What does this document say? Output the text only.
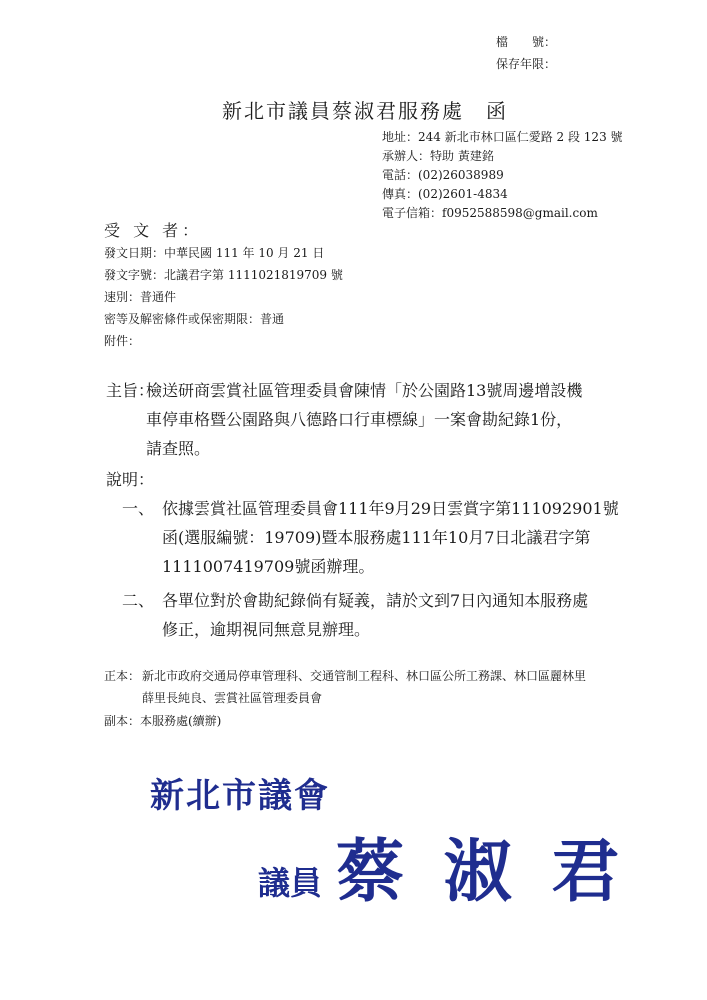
檔　　號：
保存年限：
新北市議員蔡淑君服務處　函
地址：244 新北市林口區仁愛路 2 段 123 號
承辦人：特助 黃建銘
電話：(02)26038989
傳真：(02)2601-4834
電子信箱：f0952588598@gmail.com
受 文 者：
發文日期：中華民國 111 年 10 月 21 日
發文字號：北議君字第 1111021819709 號
速別：普通件
密等及解密條件或保密期限：普通
附件：
主旨：
檢送研商雲賞社區管理委員會陳情「於公園路13號周邊增設機
車停車格暨公園路與八德路口行車標線」一案會勘紀錄1份，
請查照。
說明：
一、 依據雲賞社區管理委員會111年9月29日雲賞字第111092901號
函(選服編號：19709)暨本服務處111年10月7日北議君字第
1111007419709號函辦理。
二、 各單位對於會勘紀錄倘有疑義，請於文到7日內通知本服務處
修正，逾期視同無意見辦理。
正本： 新北市政府交通局停車管理科、交通管制工程科、林口區公所工務課、林口區麗林里
薛里長純良、雲賞社區管理委員會
副本：本服務處(續辦)
新北市議會
議員 蔡 淑 君
